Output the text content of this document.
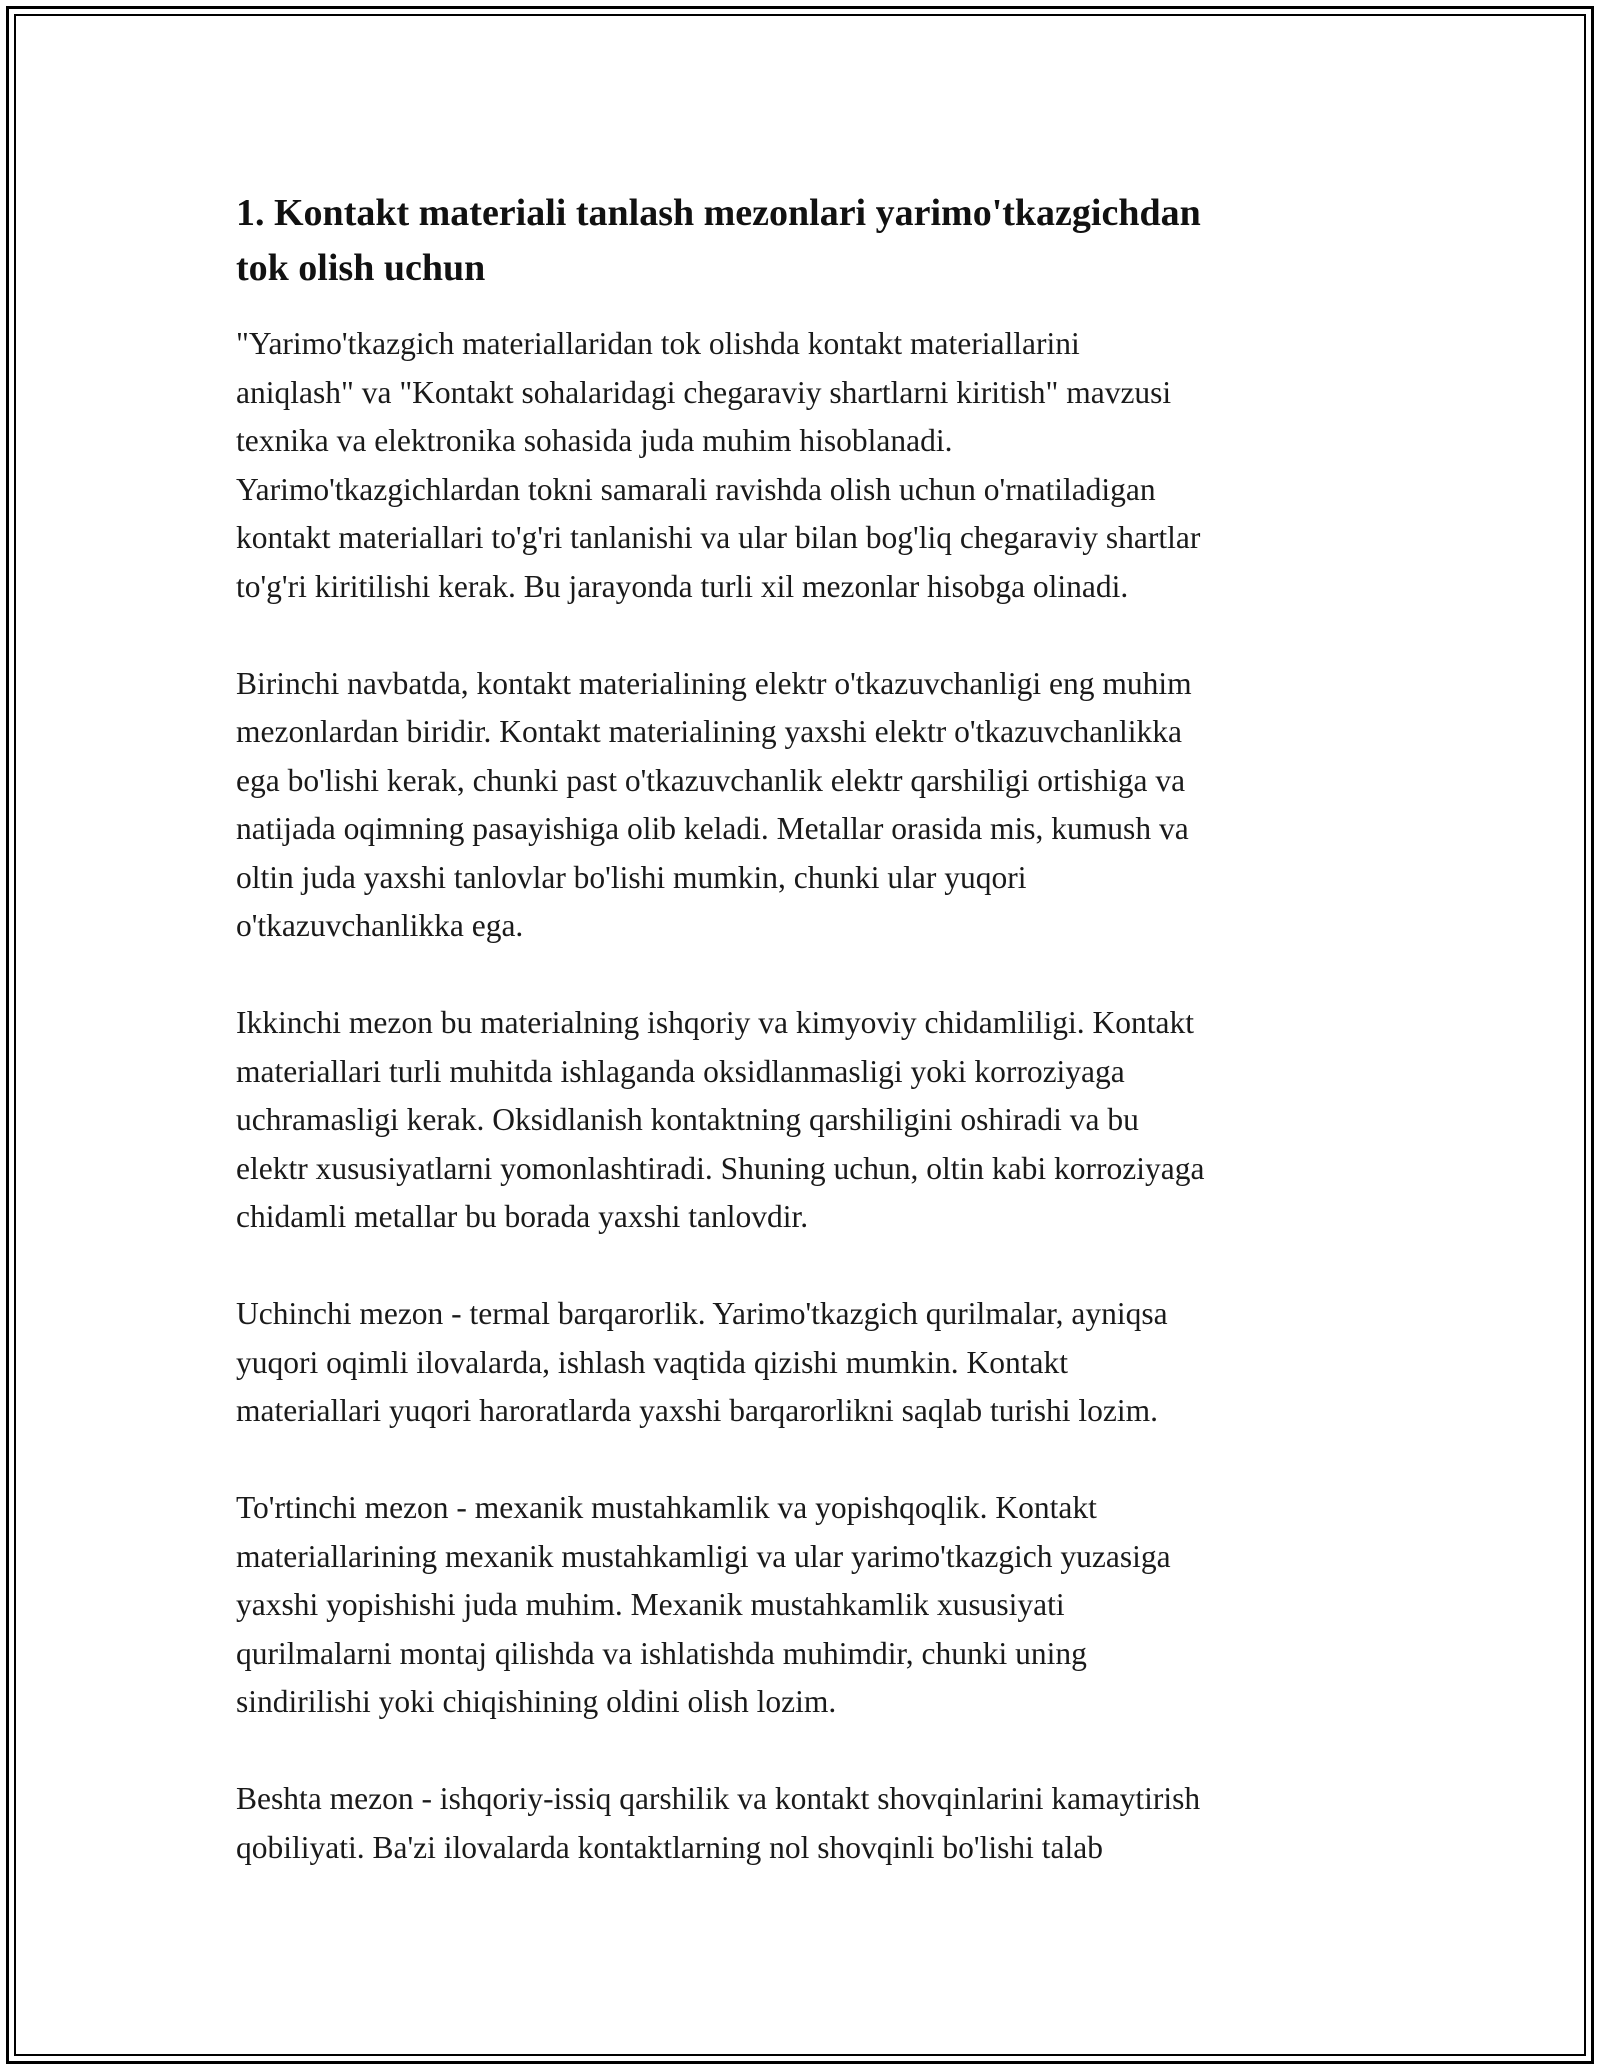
1. Kontakt materiali tanlash mezonlari yarimo'tkazgichdan
tok olish uchun

"Yarimo'tkazgich materiallaridan tok olishda kontakt materiallarini
aniqlash" va "Kontakt sohalaridagi chegaraviy shartlarni kiritish" mavzusi
texnika va elektronika sohasida juda muhim hisoblanadi.
Yarimo'tkazgichlardan tokni samarali ravishda olish uchun o'rnatiladigan
kontakt materiallari to'g'ri tanlanishi va ular bilan bog'liq chegaraviy shartlar
to'g'ri kiritilishi kerak. Bu jarayonda turli xil mezonlar hisobga olinadi.

Birinchi navbatda, kontakt materialining elektr o'tkazuvchanligi eng muhim
mezonlardan biridir. Kontakt materialining yaxshi elektr o'tkazuvchanlikka
ega bo'lishi kerak, chunki past o'tkazuvchanlik elektr qarshiligi ortishiga va
natijada oqimning pasayishiga olib keladi. Metallar orasida mis, kumush va
oltin juda yaxshi tanlovlar bo'lishi mumkin, chunki ular yuqori
o'tkazuvchanlikka ega.

Ikkinchi mezon bu materialning ishqoriy va kimyoviy chidamliligi. Kontakt
materiallari turli muhitda ishlaganda oksidlanmasligi yoki korroziyaga
uchramasligi kerak. Oksidlanish kontaktning qarshiligini oshiradi va bu
elektr xususiyatlarni yomonlashtiradi. Shuning uchun, oltin kabi korroziyaga
chidamli metallar bu borada yaxshi tanlovdir.

Uchinchi mezon - termal barqarorlik. Yarimo'tkazgich qurilmalar, ayniqsa
yuqori oqimli ilovalarda, ishlash vaqtida qizishi mumkin. Kontakt
materiallari yuqori haroratlarda yaxshi barqarorlikni saqlab turishi lozim.

To'rtinchi mezon - mexanik mustahkamlik va yopishqoqlik. Kontakt
materiallarining mexanik mustahkamligi va ular yarimo'tkazgich yuzasiga
yaxshi yopishishi juda muhim. Mexanik mustahkamlik xususiyati
qurilmalarni montaj qilishda va ishlatishda muhimdir, chunki uning
sindirilishi yoki chiqishining oldini olish lozim.

Beshta mezon - ishqoriy-issiq qarshilik va kontakt shovqinlarini kamaytirish
qobiliyati. Ba'zi ilovalarda kontaktlarning nol shovqinli bo'lishi talab
